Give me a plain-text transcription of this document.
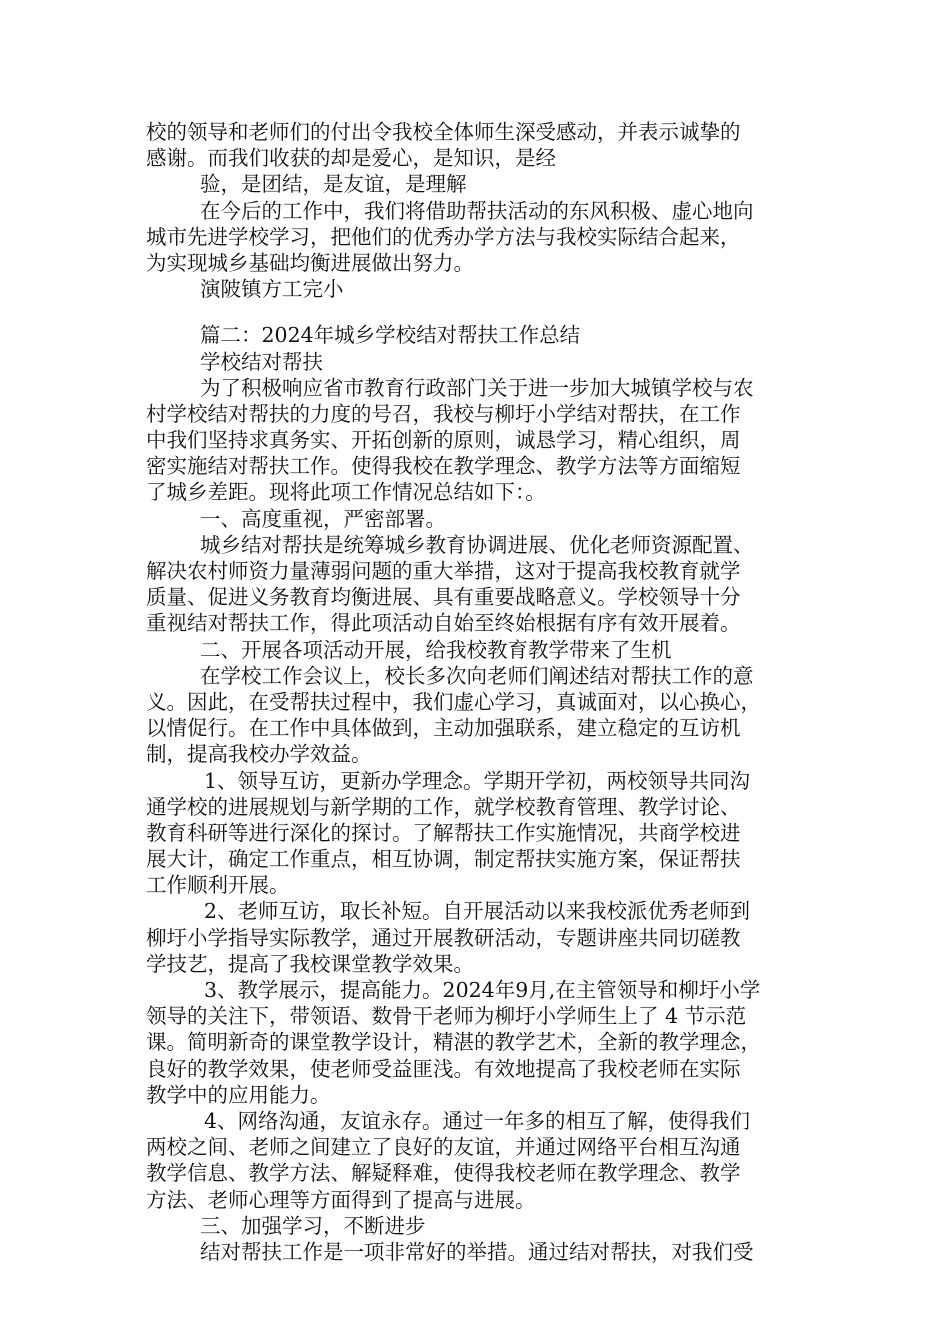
校的领导和老师们的付出令我校全体师生深受感动，并表示诚挚的
感谢。而我们收获的却是爱心，是知识，是经
验，是团结，是友谊，是理解
在今后的工作中，我们将借助帮扶活动的东风积极、虚心地向
城市先进学校学习，把他们的优秀办学方法与我校实际结合起来，
为实现城乡基础均衡进展做出努力。
演陂镇方工完小
篇二：2024年城乡学校结对帮扶工作总结
学校结对帮扶
为了积极响应省市教育行政部门关于进一步加大城镇学校与农
村学校结对帮扶的力度的号召，我校与柳圩小学结对帮扶，在工作
中我们坚持求真务实、开拓创新的原则，诚恳学习，精心组织，周
密实施结对帮扶工作。使得我校在教学理念、教学方法等方面缩短
了城乡差距。现将此项工作情况总结如下：。
一、高度重视，严密部署。
城乡结对帮扶是统筹城乡教育协调进展、优化老师资源配置、
解决农村师资力量薄弱问题的重大举措，这对于提高我校教育就学
质量、促进义务教育均衡进展、具有重要战略意义。学校领导十分
重视结对帮扶工作，得此项活动自始至终始根据有序有效开展着。
二、开展各项活动开展，给我校教育教学带来了生机
在学校工作会议上，校长多次向老师们阐述结对帮扶工作的意
义。因此，在受帮扶过程中，我们虚心学习，真诚面对，以心换心，
以情促行。在工作中具体做到，主动加强联系，建立稳定的互访机
制，提高我校办学效益。
1、领导互访，更新办学理念。学期开学初，两校领导共同沟
通学校的进展规划与新学期的工作，就学校教育管理、教学讨论、
教育科研等进行深化的探讨。了解帮扶工作实施情况，共商学校进
展大计，确定工作重点，相互协调，制定帮扶实施方案，保证帮扶
工作顺利开展。
2、老师互访，取长补短。自开展活动以来我校派优秀老师到
柳圩小学指导实际教学，通过开展教研活动，专题讲座共同切磋教
学技艺，提高了我校课堂教学效果。
3、教学展示，提高能力。2024年9月,在主管领导和柳圩小学
领导的关注下，带领语、数骨干老师为柳圩小学师生上了 4 节示范
课。简明新奇的课堂教学设计，精湛的教学艺术，全新的教学理念，
良好的教学效果，使老师受益匪浅。有效地提高了我校老师在实际
教学中的应用能力。
4、网络沟通，友谊永存。通过一年多的相互了解，使得我们
两校之间、老师之间建立了良好的友谊，并通过网络平台相互沟通
教学信息、教学方法、解疑释难，使得我校老师在教学理念、教学
方法、老师心理等方面得到了提高与进展。
三、加强学习，不断进步
结对帮扶工作是一项非常好的举措。通过结对帮扶，对我们受
